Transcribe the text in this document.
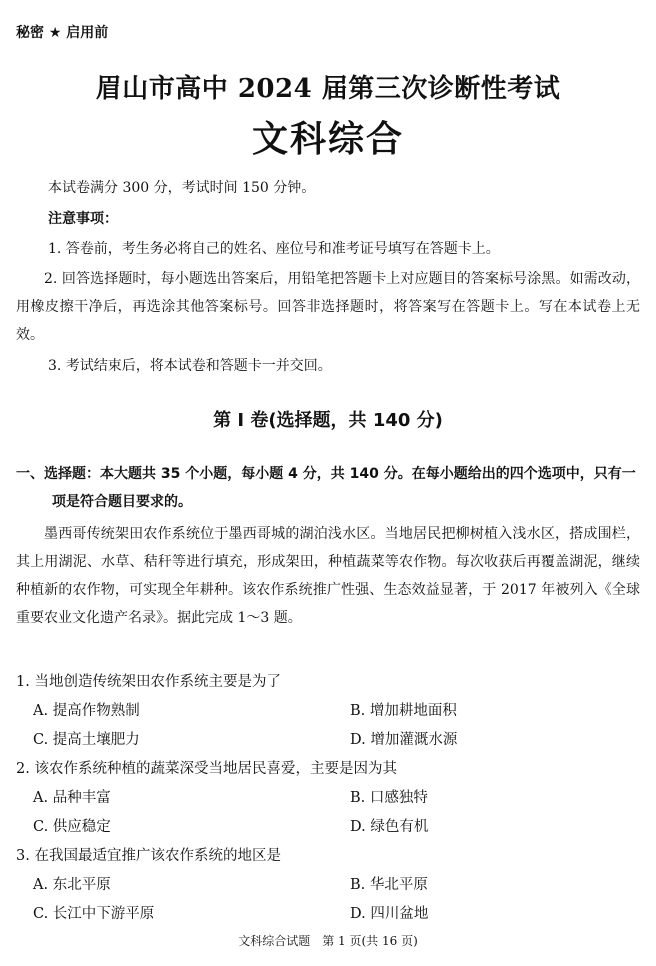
秘密 ★ 启用前
眉山市高中 2024 届第三次诊断性考试
文科综合
本试卷满分 300 分，考试时间 150 分钟。
注意事项：
1. 答卷前，考生务必将自己的姓名、座位号和准考证号填写在答题卡上。
2. 回答选择题时，每小题选出答案后，用铅笔把答题卡上对应题目的答案标号涂黑。如需改动，用橡皮擦干净后，再选涂其他答案标号。回答非选择题时，将答案写在答题卡上。写在本试卷上无效。
3. 考试结束后，将本试卷和答题卡一并交回。
第 Ⅰ 卷(选择题，共 140 分)
一、选择题：本大题共 35 个小题，每小题 4 分，共 140 分。在每小题给出的四个选项中，只有一项是符合题目要求的。
墨西哥传统架田农作系统位于墨西哥城的湖泊浅水区。当地居民把柳树植入浅水区，搭成围栏，其上用湖泥、水草、秸秆等进行填充，形成架田，种植蔬菜等农作物。每次收获后再覆盖湖泥，继续种植新的农作物，可实现全年耕种。该农作系统推广性强、生态效益显著，于 2017 年被列入《全球重要农业文化遗产名录》。据此完成 1～3 题。
1. 当地创造传统架田农作系统主要是为了
A. 提高作物熟制	B. 增加耕地面积
C. 提高土壤肥力	D. 增加灌溉水源
2. 该农作系统种植的蔬菜深受当地居民喜爱，主要是因为其
A. 品种丰富	B. 口感独特
C. 供应稳定	D. 绿色有机
3. 在我国最适宜推广该农作系统的地区是
A. 东北平原	B. 华北平原
C. 长江中下游平原	D. 四川盆地
文科综合试题　第 1 页(共 16 页)
